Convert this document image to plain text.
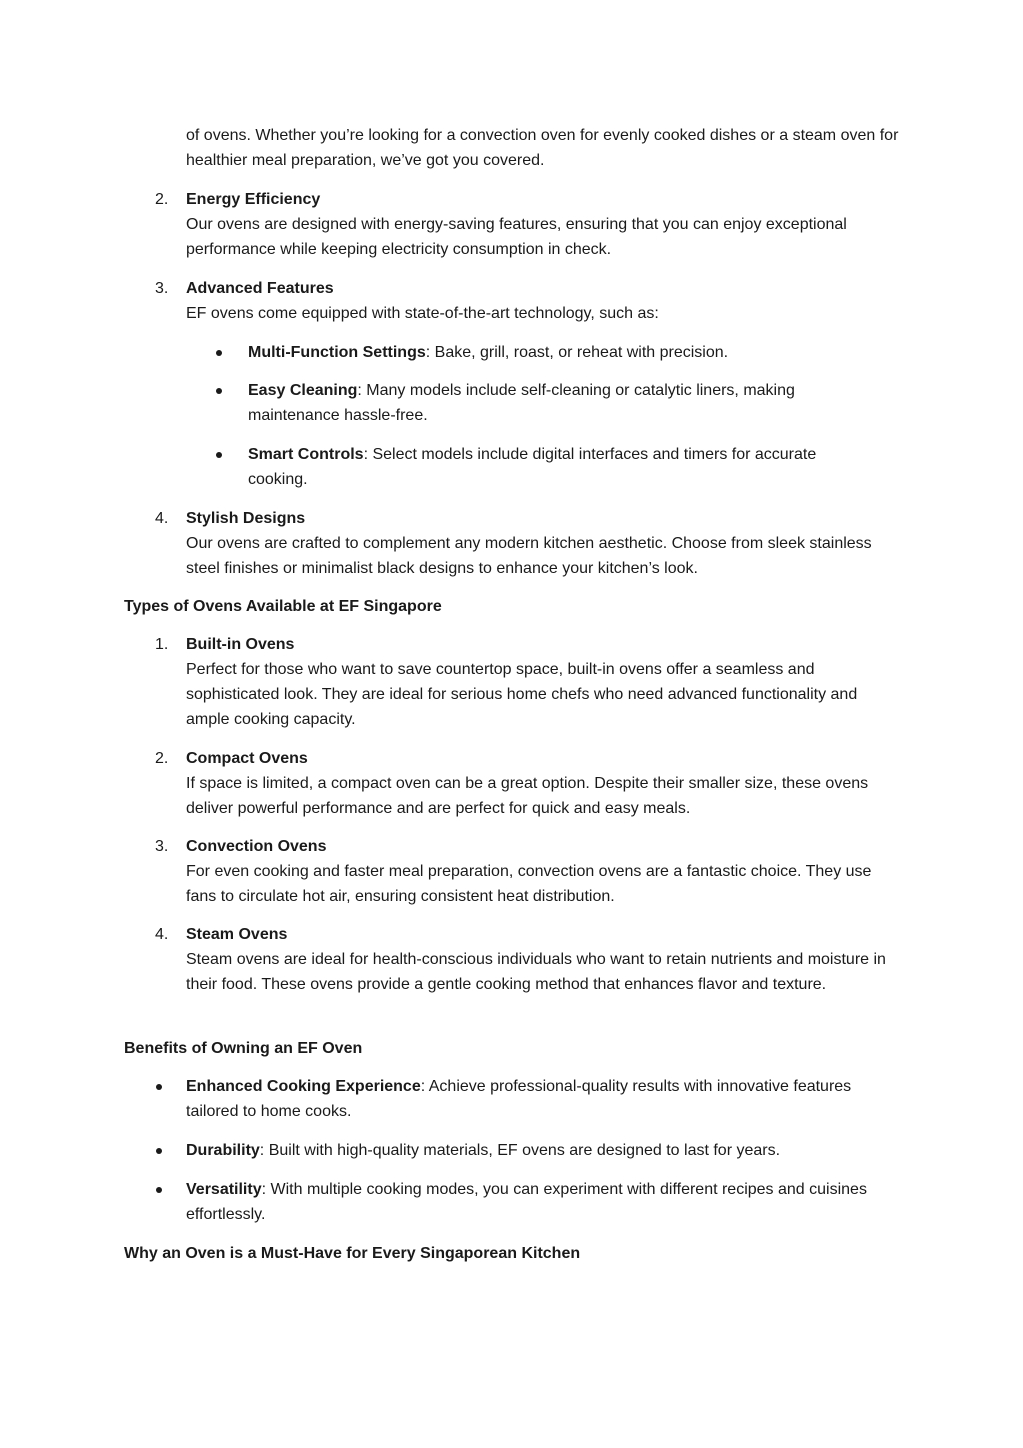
of ovens. Whether you’re looking for a convection oven for evenly cooked dishes or a steam oven for healthier meal preparation, we’ve got you covered.

2. Energy Efficiency
Our ovens are designed with energy-saving features, ensuring that you can enjoy exceptional performance while keeping electricity consumption in check.
3. Advanced Features
EF ovens come equipped with state-of-the-art technology, such as:
Multi-Function Settings: Bake, grill, roast, or reheat with precision.
Easy Cleaning: Many models include self-cleaning or catalytic liners, making maintenance hassle-free.
Smart Controls: Select models include digital interfaces and timers for accurate cooking.
4. Stylish Designs
Our ovens are crafted to complement any modern kitchen aesthetic. Choose from sleek stainless steel finishes or minimalist black designs to enhance your kitchen’s look.
Types of Ovens Available at EF Singapore
1. Built-in Ovens
Perfect for those who want to save countertop space, built-in ovens offer a seamless and sophisticated look. They are ideal for serious home chefs who need advanced functionality and ample cooking capacity.
2. Compact Ovens
If space is limited, a compact oven can be a great option. Despite their smaller size, these ovens deliver powerful performance and are perfect for quick and easy meals.
3. Convection Ovens
For even cooking and faster meal preparation, convection ovens are a fantastic choice. They use fans to circulate hot air, ensuring consistent heat distribution.
4. Steam Ovens
Steam ovens are ideal for health-conscious individuals who want to retain nutrients and moisture in their food. These ovens provide a gentle cooking method that enhances flavor and texture.
Benefits of Owning an EF Oven
Enhanced Cooking Experience: Achieve professional-quality results with innovative features tailored to home cooks.
Durability: Built with high-quality materials, EF ovens are designed to last for years.
Versatility: With multiple cooking modes, you can experiment with different recipes and cuisines effortlessly.
Why an Oven is a Must-Have for Every Singaporean Kitchen
